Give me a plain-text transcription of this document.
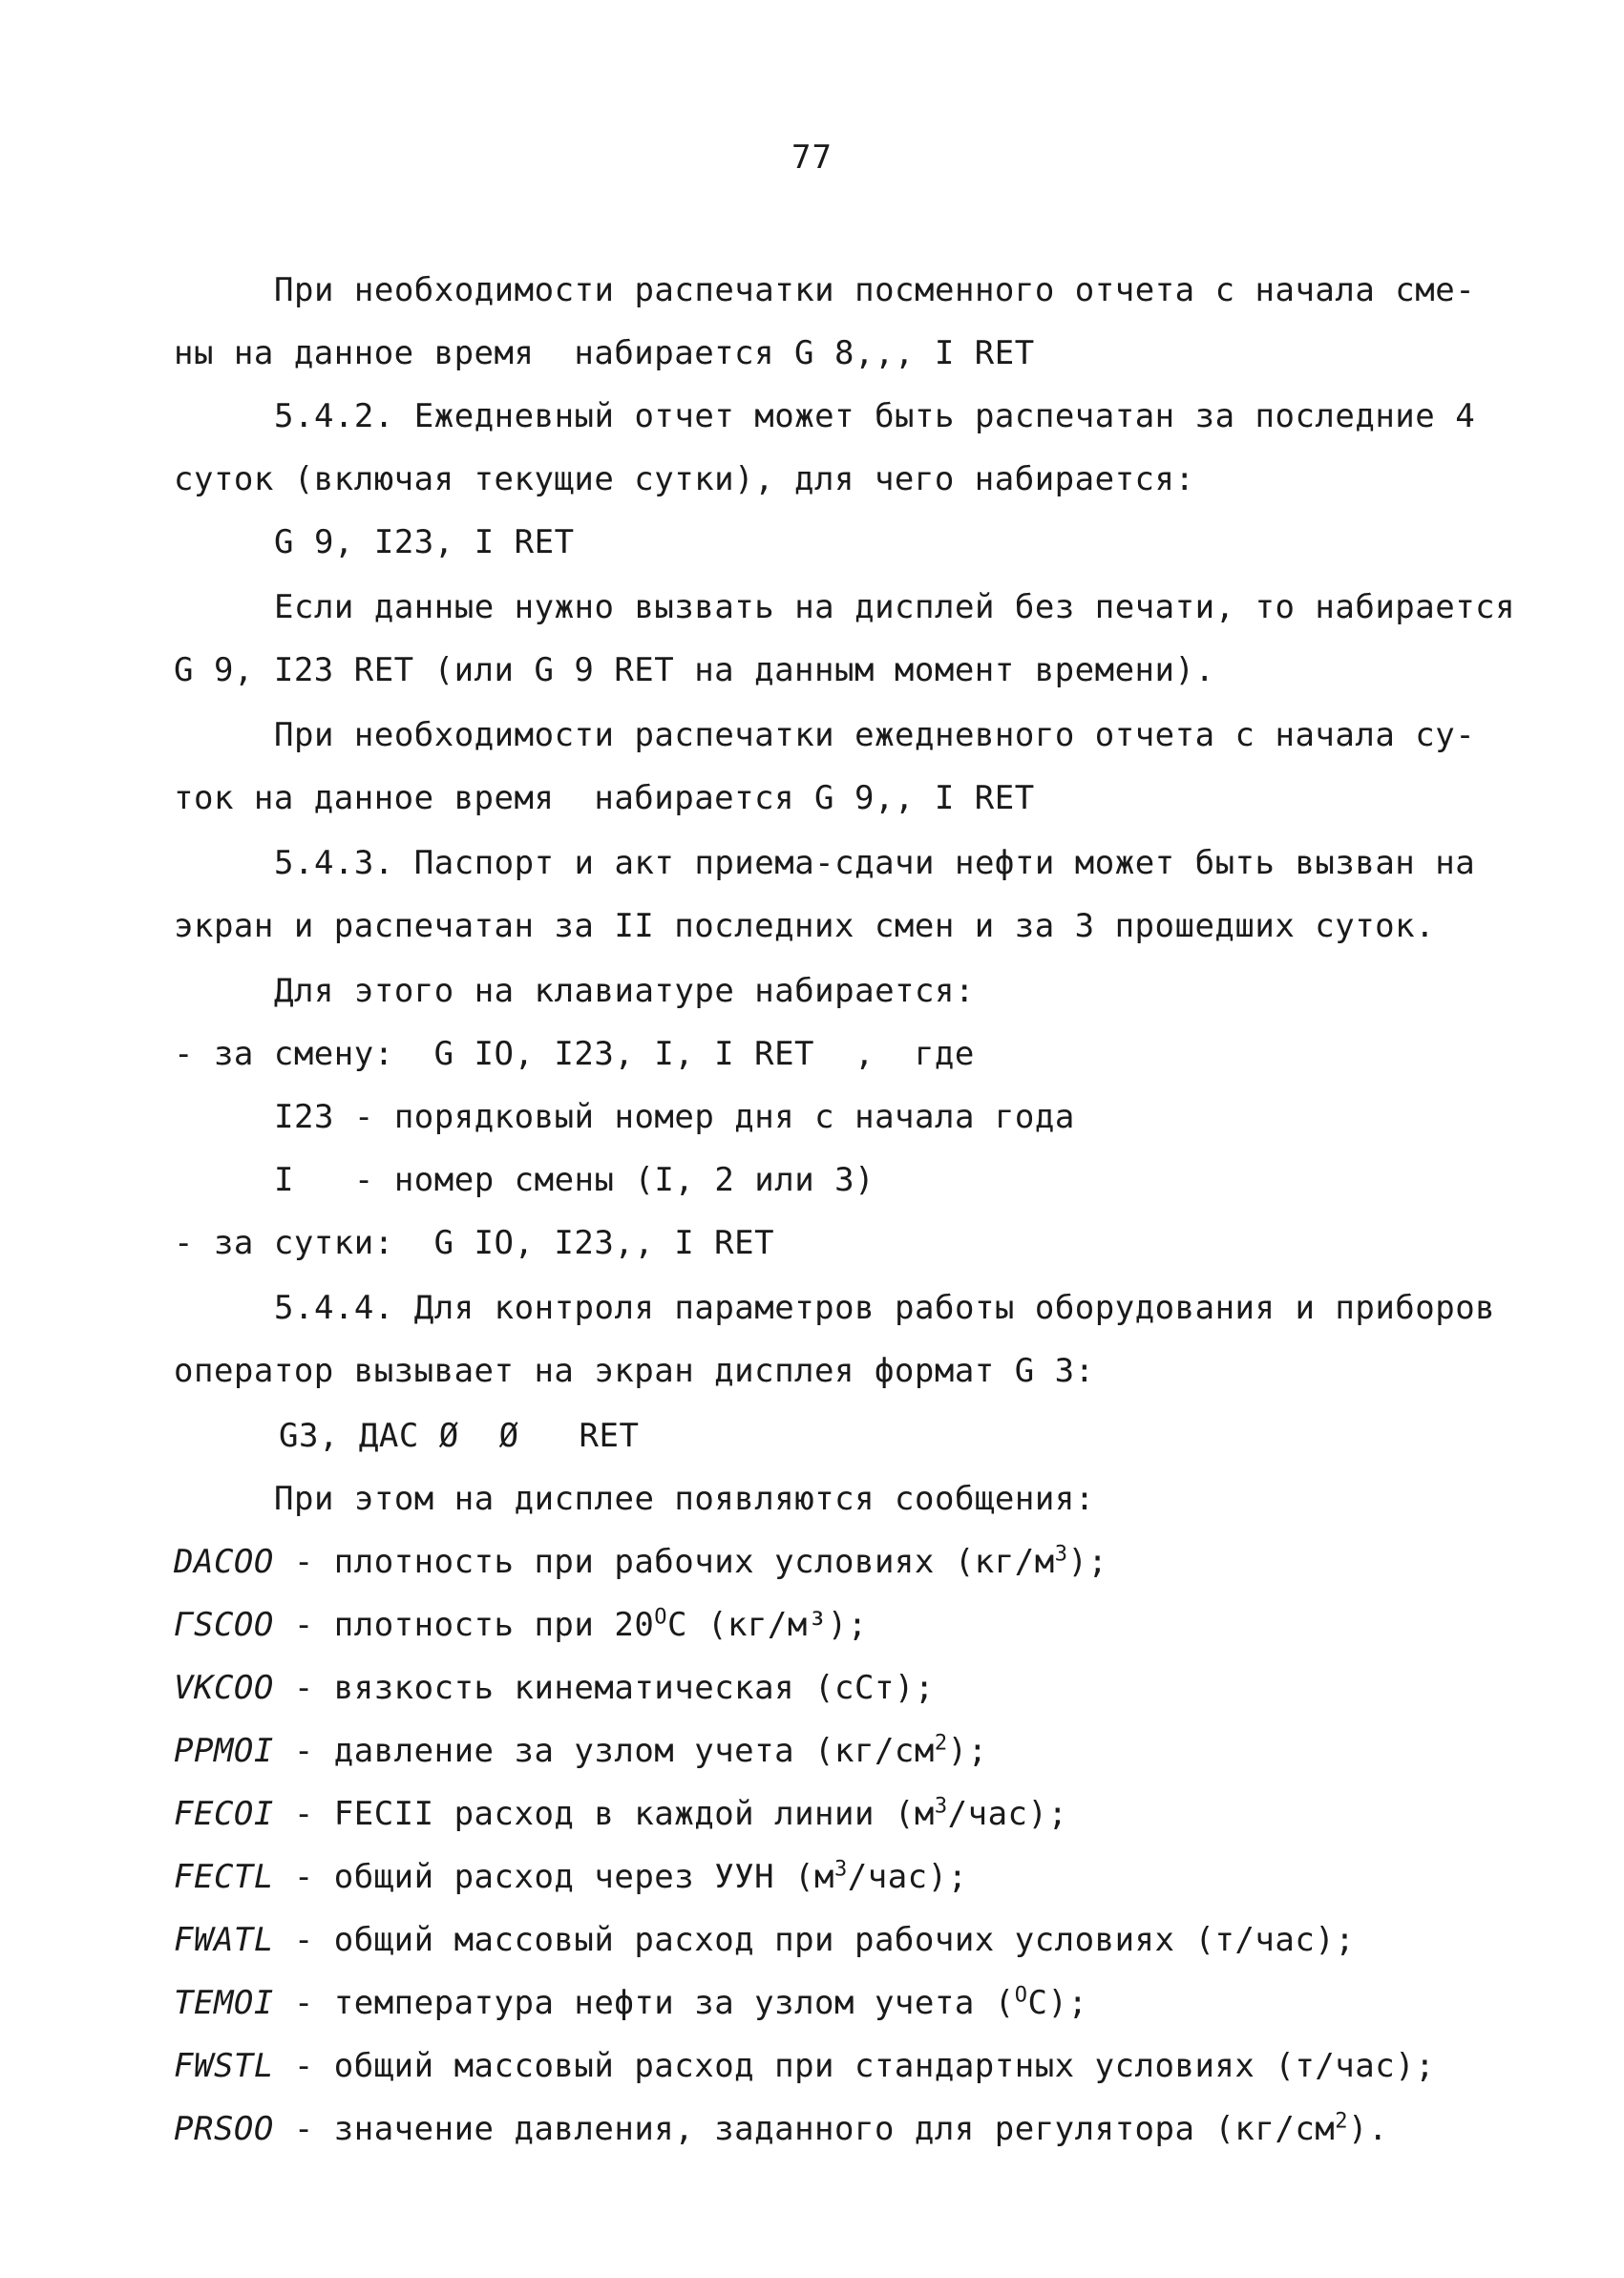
77
При необходимости распечатки посменного отчета с начала сме-
ны на данное время  набирается G 8,,, I RET
5.4.2. Ежедневный отчет может быть распечатан за последние 4
суток (включая текущие сутки), для чего набирается:
G 9, I23, I RET
Если данные нужно вызвать на дисплей без печати, то набирается
G 9, I23 RET (или G 9 RET на данным момент времени).
При необходимости распечатки ежедневного отчета с начала су-
ток на данное время  набирается G 9,, I RET
5.4.3. Паспорт и акт приема-сдачи нефти может быть вызван на
экран и распечатан за II последних смен и за 3 прошедших суток.
Для этого на клавиатуре набирается:
- за смену:  G IO, I23, I, I RET  ,  где
I23 - порядковый номер дня с начала года
I   - номер смены (I, 2 или 3)
- за сутки:  G IO, I23,, I RET
5.4.4. Для контроля параметров работы оборудования и приборов
оператор вызывает на экран дисплея формат G 3:
G3, ДАС Ø  Ø   RET
При этом на дисплее появляются сообщения:
DACOO - плотность при рабочих условиях $(кг/м^3)$;
ГSCOO - плотность при $20^ОС$ (кг/м³);
VКСОО - вязкость кинематическая (сСт);
PPMOI - давление за узлом учета $(кг/см^2)$;
FECOI - FECII расход в каждой линии $(м^3/час)$;
FECTL - общий расход через УУН $(м^3/час)$;
FWATL - общий массовый расход при рабочих условиях (т/час);
TEMOI - температура нефти за узлом учета ($^О$С);
FWSTL - общий массовый расход при стандартных условиях (т/час);
PRSOO - значение давления, заданного для регулятора $(кг/см^2)$.
